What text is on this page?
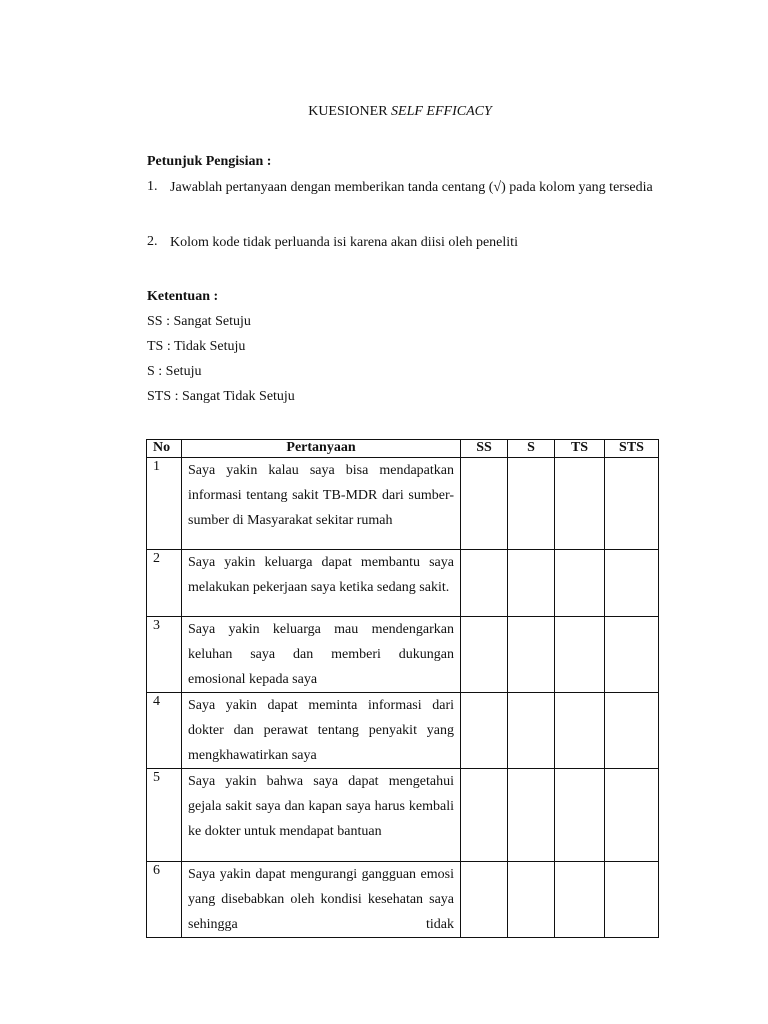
KUESIONER SELF EFFICACY
Petunjuk Pengisian :
1. Jawablah pertanyaan dengan memberikan tanda centang (√) pada kolom yang tersedia
2. Kolom kode tidak perluanda isi karena akan diisi oleh peneliti
Ketentuan :
SS : Sangat Setuju
TS : Tidak Setuju
S : Setuju
STS : Sangat Tidak Setuju
No	Pertanyaan	SS	S	TS	STS
1	Saya yakin kalau saya bisa mendapatkan informasi tentang sakit TB-MDR dari sumber-sumber di Masyarakat sekitar rumah				
2	Saya yakin keluarga dapat membantu saya melakukan pekerjaan saya ketika sedang sakit.				
3	Saya yakin keluarga mau mendengarkan keluhan saya dan memberi dukungan emosional kepada saya				
4	Saya yakin dapat meminta informasi dari dokter dan perawat tentang penyakit yang mengkhawatirkan saya				
5	Saya yakin bahwa saya dapat mengetahui gejala sakit saya dan kapan saya harus kembali ke dokter untuk mendapat bantuan				
6	Saya yakin dapat mengurangi gangguan emosi yang disebabkan oleh kondisi kesehatan saya sehingga tidak				
